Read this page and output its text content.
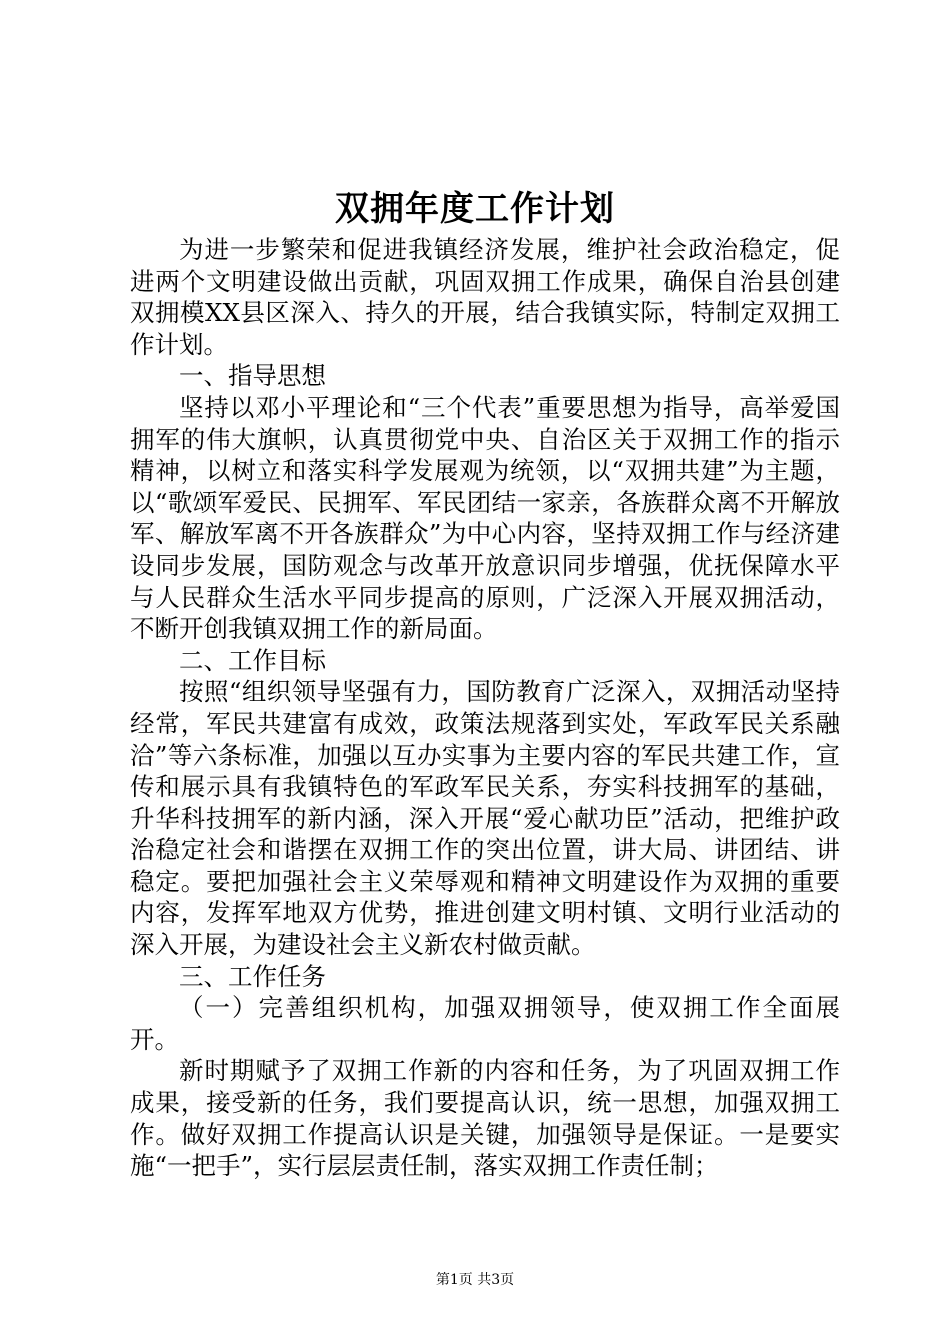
双拥年度工作计划

为进一步繁荣和促进我镇经济发展，维护社会政治稳定，促进两个文明建设做出贡献，巩固双拥工作成果，确保自治县创建双拥模XX县区深入、持久的开展，结合我镇实际，特制定双拥工作计划。

一、指导思想

坚持以邓小平理论和“三个代表”重要思想为指导，高举爱国拥军的伟大旗帜，认真贯彻党中央、自治区关于双拥工作的指示精神，以树立和落实科学发展观为统领，以“双拥共建”为主题，以“歌颂军爱民、民拥军、军民团结一家亲，各族群众离不开解放军、解放军离不开各族群众”为中心内容，坚持双拥工作与经济建设同步发展，国防观念与改革开放意识同步增强，优抚保障水平与人民群众生活水平同步提高的原则，广泛深入开展双拥活动，不断开创我镇双拥工作的新局面。

二、工作目标

按照“组织领导坚强有力，国防教育广泛深入，双拥活动坚持经常，军民共建富有成效，政策法规落到实处，军政军民关系融洽”等六条标准，加强以互办实事为主要内容的军民共建工作，宣传和展示具有我镇特色的军政军民关系，夯实科技拥军的基础，升华科技拥军的新内涵，深入开展“爱心献功臣”活动，把维护政治稳定社会和谐摆在双拥工作的突出位置，讲大局、讲团结、讲稳定。要把加强社会主义荣辱观和精神文明建设作为双拥的重要内容，发挥军地双方优势，推进创建文明村镇、文明行业活动的深入开展，为建设社会主义新农村做贡献。

三、工作任务

（一）完善组织机构，加强双拥领导，使双拥工作全面展开。

新时期赋予了双拥工作新的内容和任务，为了巩固双拥工作成果，接受新的任务，我们要提高认识，统一思想，加强双拥工作。做好双拥工作提高认识是关键，加强领导是保证。一是要实施“一把手”，实行层层责任制，落实双拥工作责任制；

第1页 共3页
